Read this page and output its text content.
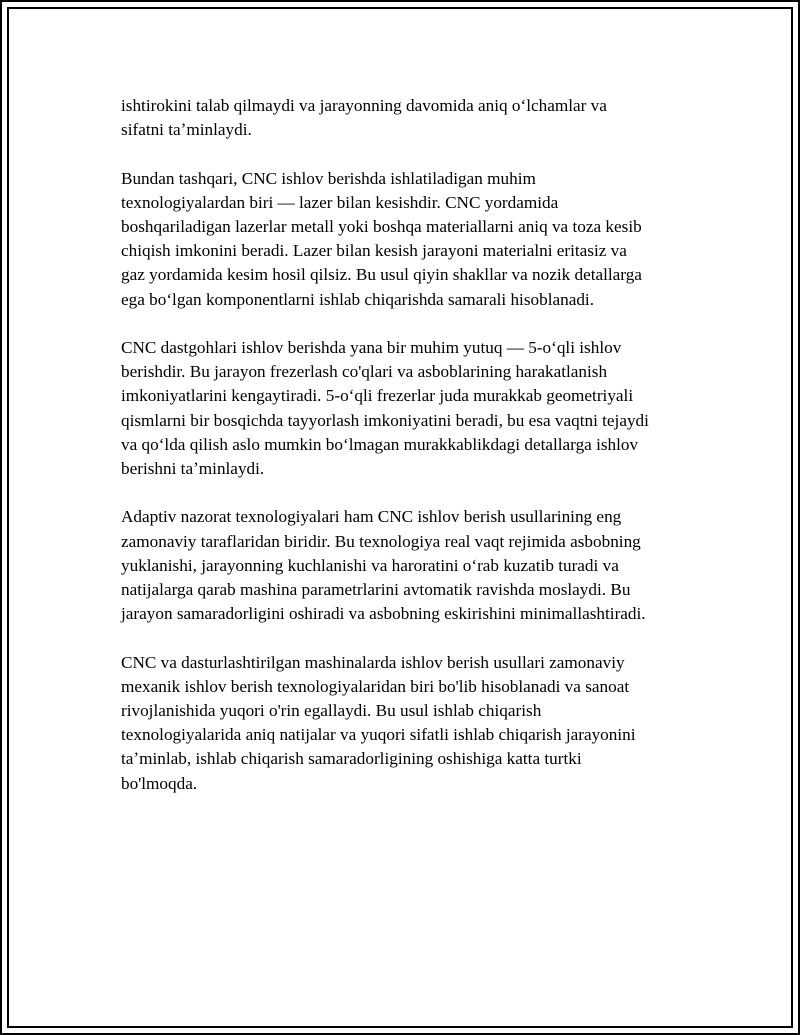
ishtirokini talab qilmaydi va jarayonning davomida aniq oʻlchamlar va
sifatni taʼminlaydi.

Bundan tashqari, CNC ishlov berishda ishlatiladigan muhim
texnologiyalardan biri — lazer bilan kesishdir. CNC yordamida
boshqariladigan lazerlar metall yoki boshqa materiallarni aniq va toza kesib
chiqish imkonini beradi. Lazer bilan kesish jarayoni materialni eritasiz va
gaz yordamida kesim hosil qilsiz. Bu usul qiyin shakllar va nozik detallarga
ega boʻlgan komponentlarni ishlab chiqarishda samarali hisoblanadi.

CNC dastgohlari ishlov berishda yana bir muhim yutuq — 5-oʻqli ishlov
berishdir. Bu jarayon frezerlash co'qlari va asboblarining harakatlanish
imkoniyatlarini kengaytiradi. 5-oʻqli frezerlar juda murakkab geometriyali
qismlarni bir bosqichda tayyorlash imkoniyatini beradi, bu esa vaqtni tejaydi
va qoʻlda qilish aslo mumkin boʻlmagan murakkablikdagi detallarga ishlov
berishni taʼminlaydi.

Adaptiv nazorat texnologiyalari ham CNC ishlov berish usullarining eng
zamonaviy taraflaridan biridir. Bu texnologiya real vaqt rejimida asbobning
yuklanishi, jarayonning kuchlanishi va haroratini oʻrab kuzatib turadi va
natijalarga qarab mashina parametrlarini avtomatik ravishda moslaydi. Bu
jarayon samaradorligini oshiradi va asbobning eskirishini minimallashtiradi.

CNC va dasturlashtirilgan mashinalarda ishlov berish usullari zamonaviy
mexanik ishlov berish texnologiyalaridan biri bo'lib hisoblanadi va sanoat
rivojlanishida yuqori o'rin egallaydi. Bu usul ishlab chiqarish
texnologiyalarida aniq natijalar va yuqori sifatli ishlab chiqarish jarayonini
taʼminlab, ishlab chiqarish samaradorligining oshishiga katta turtki
bo'lmoqda.
